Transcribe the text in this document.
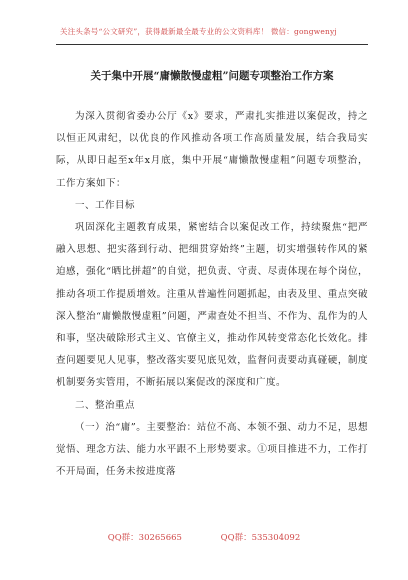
关注头条号“公文研究”，获得最新最全最专业的公文资料库！ 微信：gongwenyj
关于集中开展“庸懒散慢虚粗”问题专项整治工作方案

为深入贯彻省委办公厅《x》要求，严肃扎实推进以案促改，持之以恒正风肃纪，以优良的作风推动各项工作高质量发展，结合我局实际，从即日起至x年x月底，集中开展“庸懒散慢虚粗”问题专项整治，工作方案如下：

一、工作目标

巩固深化主题教育成果，紧密结合以案促改工作，持续聚焦“把严融入思想、把实落到行动、把细贯穿始终”主题，切实增强转作风的紧迫感，强化“晒比拼超”的自觉，把负责、守责、尽责体现在每个岗位，推动各项工作提质增效。注重从普遍性问题抓起，由表及里、重点突破深入整治“庸懒散慢虚粗”问题，严肃查处不担当、不作为、乱作为的人和事，坚决破除形式主义、官僚主义，推动作风转变常态化长效化。排查问题要见人见事，整改落实要见底见效，监督问责要动真碰硬，制度机制要务实管用，不断拓展以案促改的深度和广度。

二、整治重点

（一）治“庸”。主要整治：站位不高、本领不强、动力不足，思想觉悟、理念方法、能力水平跟不上形势要求。①项目推进不力，工作打不开局面，任务未按进度落

QQ群：30265665	QQ群：535304092
